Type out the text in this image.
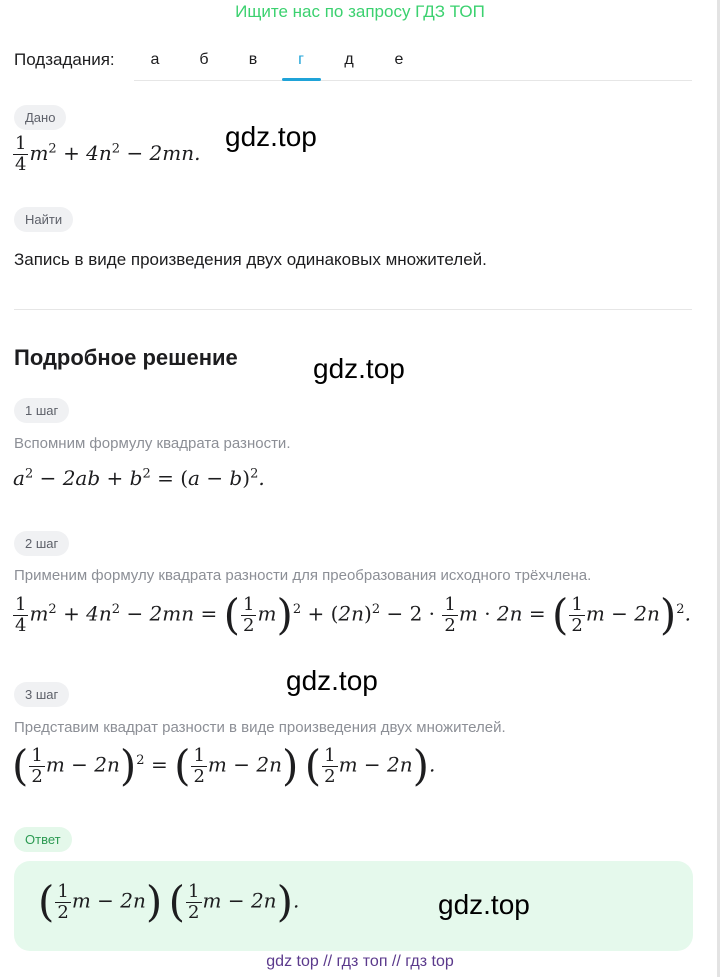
Ищите нас по запросу ГДЗ ТОП
Подзадания:	а	б	в	г	д	е
Дано
$\frac{1}{4} m^2 + 4n^2 - 2mn$.
gdz.top
Найти
Запись в виде произведения двух одинаковых множителей.
Подробное решение	gdz.top
1 шаг
Вспомним формулу квадрата разности.
$a^2 - 2ab + b^2 = (a - b)^2$.
2 шаг
Применим формулу квадрата разности для преобразования исходного трёхчлена.
$\frac{1}{4} m^2 + 4n^2 - 2mn$ = ( $\frac{1}{2} m)^2 + (2n)^2 - 2 \cdot \frac{1}{2}$ m · 2n = ( $\frac{1}{2}$ m − 2n)$^2$.
gdz.top
3 шаг
Представим квадрат разности в виде произведения двух множителей.
( $\frac{1}{2}$ m − 2n)$^2$ = ( $\frac{1}{2}$ m − 2n) ( $\frac{1}{2}$ m − 2n).
Ответ
( $\frac{1}{2}$ m − 2n) ( $\frac{1}{2}$ m − 2n).	gdz.top
gdz top // гдз топ // гдз top
